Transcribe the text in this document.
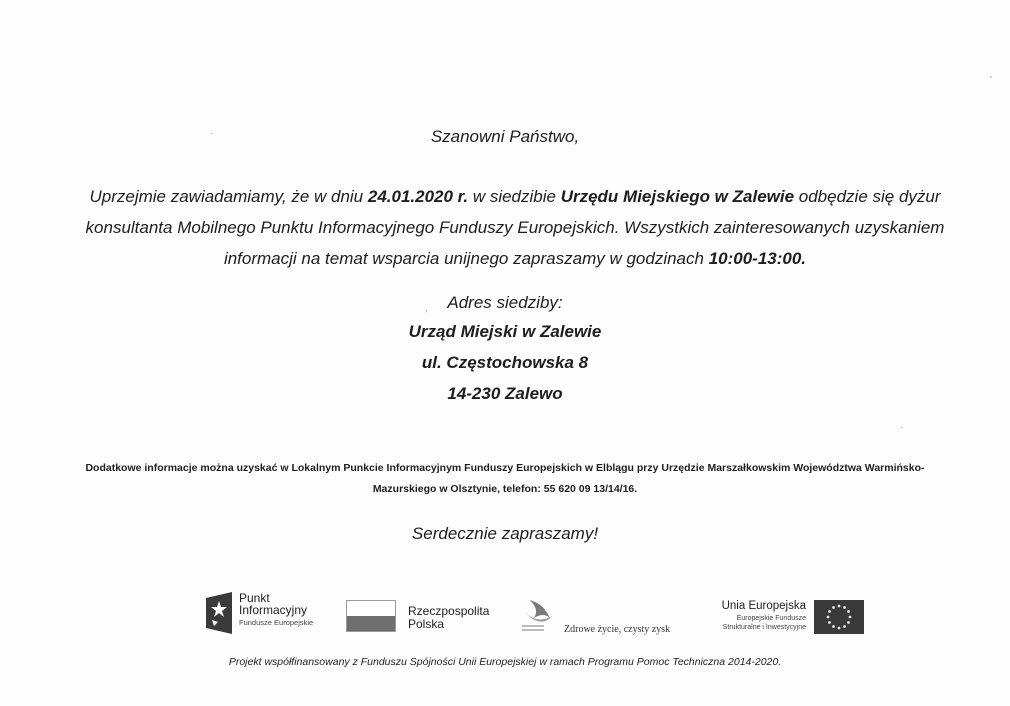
Szanowni Państwo,
Uprzejmie zawiadamiamy, że w dniu 24.01.2020 r. w siedzibie Urzędu Miejskiego w Zalewie odbędzie się dyżur konsultanta Mobilnego Punktu Informacyjnego Funduszy Europejskich. Wszystkich zainteresowanych uzyskaniem informacji na temat wsparcia unijnego zapraszamy w godzinach 10:00-13:00.
Adres siedziby:
Urząd Miejski w Zalewie
ul. Częstochowska 8
14-230 Zalewo
Dodatkowe informacje można uzyskać w Lokalnym Punkcie Informacyjnym Funduszy Europejskich w Elblągu przy Urzędzie Marszałkowskim Województwa Warmińsko-Mazurskiego w Olsztynie, telefon: 55 620 09 13/14/16.
Serdecznie zapraszamy!
Punkt
Informacyjny
Fundusze Europejskie
Rzeczpospolita
Polska	Zdrowe życie, czysty zysk
Unia Europejska
Europejskie Fundusze
Strukturalne i Inwestycyjne
Projekt współfinansowany z Funduszu Spójności Unii Europejskiej w ramach Programu Pomoc Techniczna 2014-2020.
·
,
·
'
